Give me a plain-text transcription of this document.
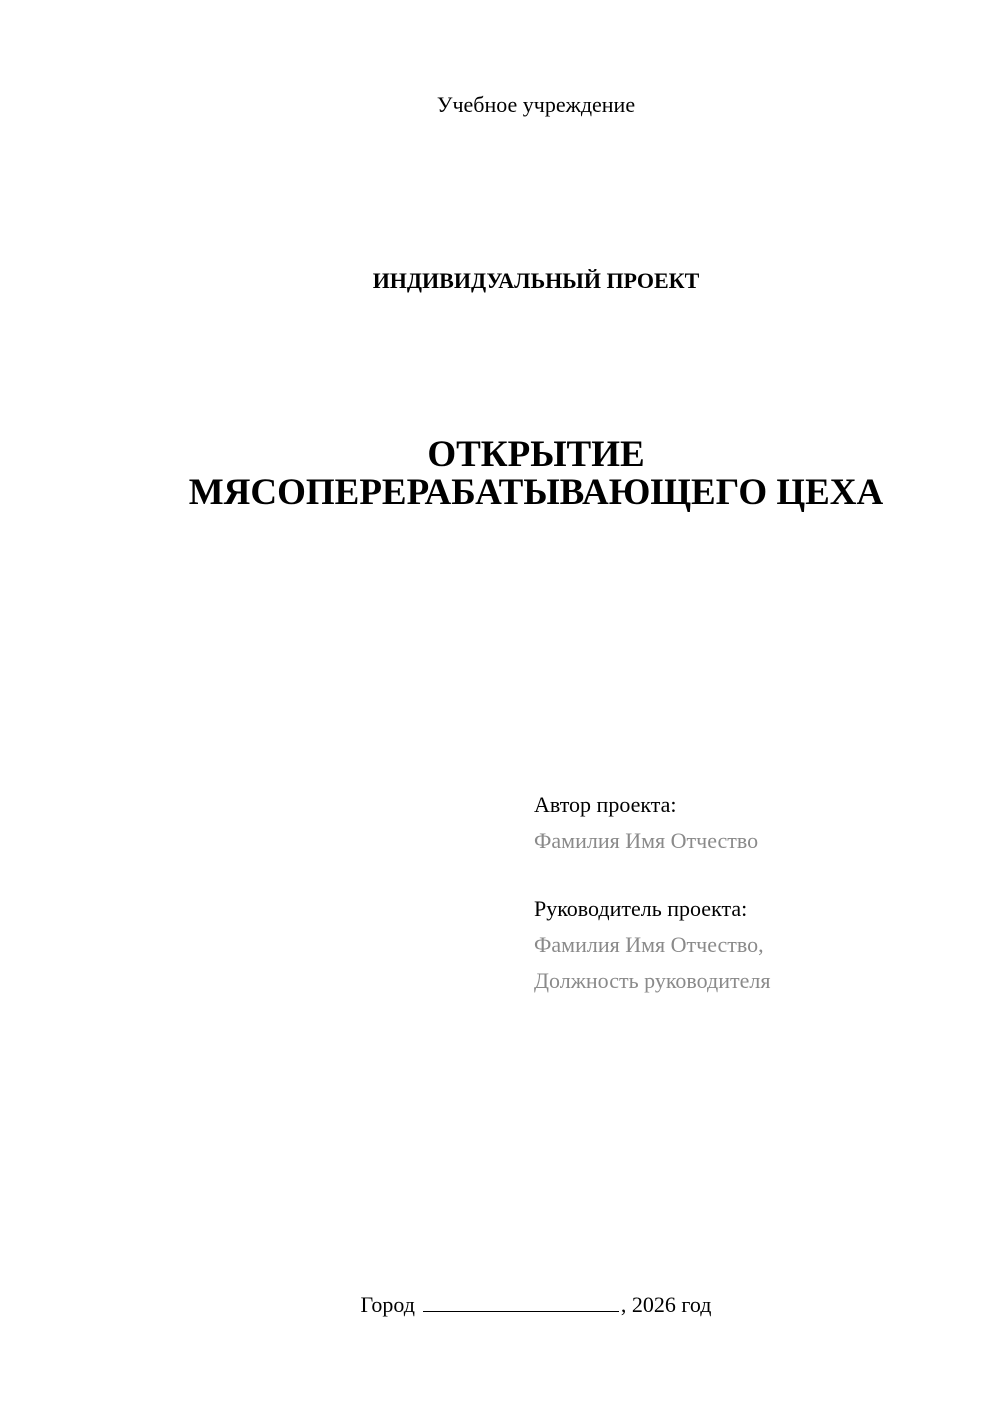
Учебное учреждение
ИНДИВИДУАЛЬНЫЙ ПРОЕКТ
ОТКРЫТИЕ
МЯСОПЕРЕРАБАТЫВАЮЩЕГО ЦЕХА
Автор проекта:
Фамилия Имя Отчество
Руководитель проекта:
Фамилия Имя Отчество,
Должность руководителя
Город	, 2026 год
